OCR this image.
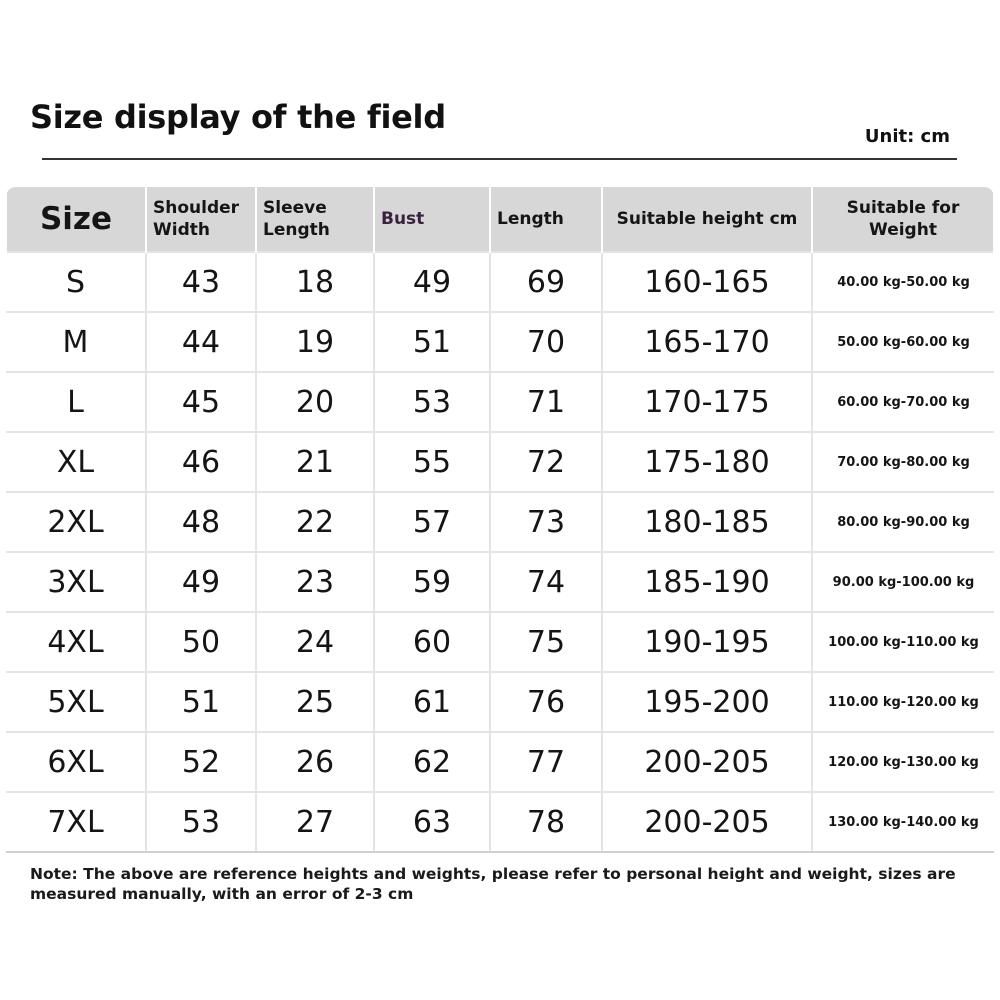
Size display of the field
Unit: cm
Size	Shoulder Width	Sleeve Length	Bust	Length	Suitable height cm	Suitable for Weight
S	43	18	49	69	160-165	40.00 kg-50.00 kg
M	44	19	51	70	165-170	50.00 kg-60.00 kg
L	45	20	53	71	170-175	60.00 kg-70.00 kg
XL	46	21	55	72	175-180	70.00 kg-80.00 kg
2XL	48	22	57	73	180-185	80.00 kg-90.00 kg
3XL	49	23	59	74	185-190	90.00 kg-100.00 kg
4XL	50	24	60	75	190-195	100.00 kg-110.00 kg
5XL	51	25	61	76	195-200	110.00 kg-120.00 kg
6XL	52	26	62	77	200-205	120.00 kg-130.00 kg
7XL	53	27	63	78	200-205	130.00 kg-140.00 kg
Note: The above are reference heights and weights, please refer to personal height and weight, sizes are measured manually, with an error of 2-3 cm
